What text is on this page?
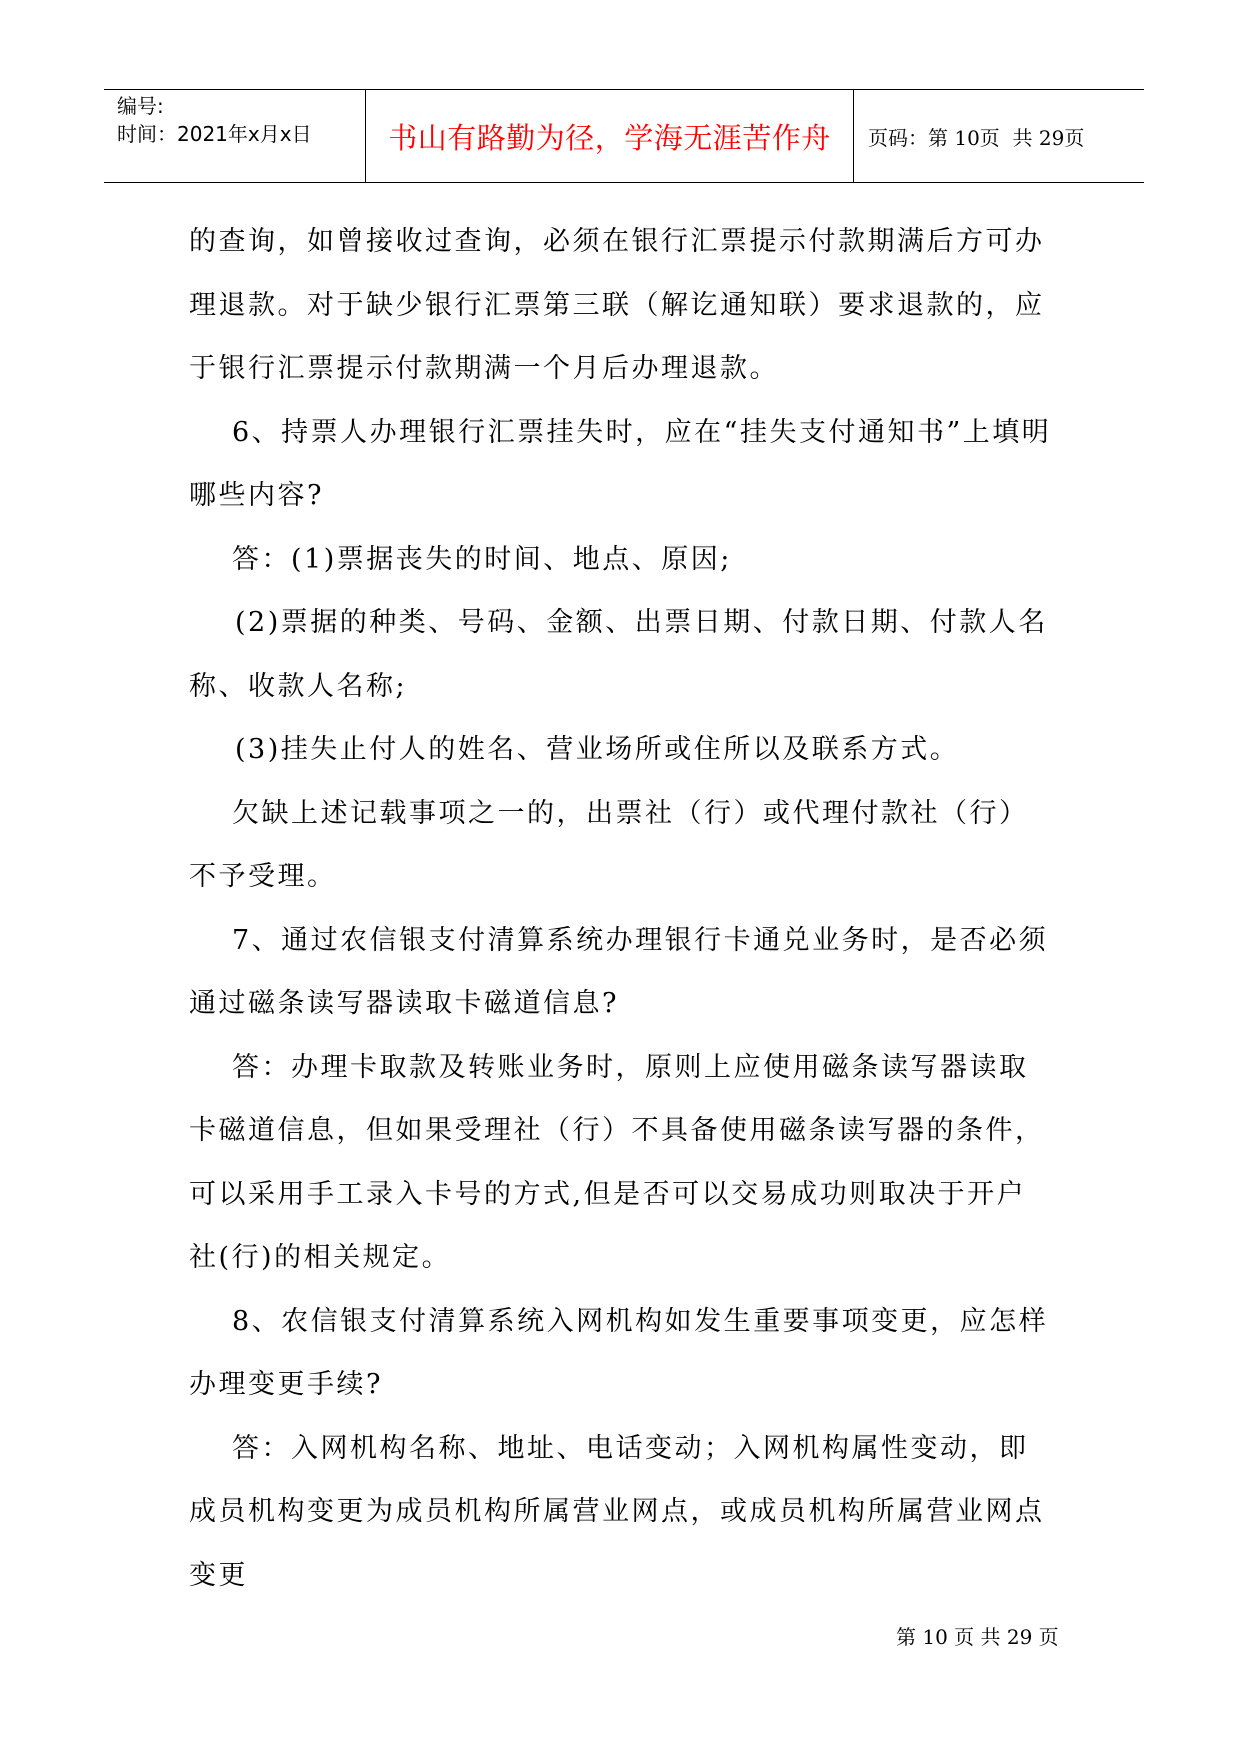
编号:
时间：2021年x月x日	书山有路勤为径，学海无涯苦作舟	页码：第 10页  共 29页

的查询，如曾接收过查询，必须在银行汇票提示付款期满后方可办理退款。对于缺少银行汇票第三联（解讫通知联）要求退款的，应于银行汇票提示付款期满一个月后办理退款。

6、持票人办理银行汇票挂失时，应在“挂失支付通知书”上填明哪些内容?

答：(1)票据丧失的时间、地点、原因;

(2)票据的种类、号码、金额、出票日期、付款日期、付款人名称、收款人名称;

(3)挂失止付人的姓名、营业场所或住所以及联系方式。

欠缺上述记载事项之一的，出票社（行）或代理付款社（行）不予受理。

7、通过农信银支付清算系统办理银行卡通兑业务时，是否必须通过磁条读写器读取卡磁道信息?

答：办理卡取款及转账业务时，原则上应使用磁条读写器读取卡磁道信息，但如果受理社（行）不具备使用磁条读写器的条件，可以采用手工录入卡号的方式,但是否可以交易成功则取决于开户社(行)的相关规定。

8、农信银支付清算系统入网机构如发生重要事项变更，应怎样办理变更手续?

答：入网机构名称、地址、电话变动；入网机构属性变动，即成员机构变更为成员机构所属营业网点，或成员机构所属营业网点变更

第 10 页 共 29 页
